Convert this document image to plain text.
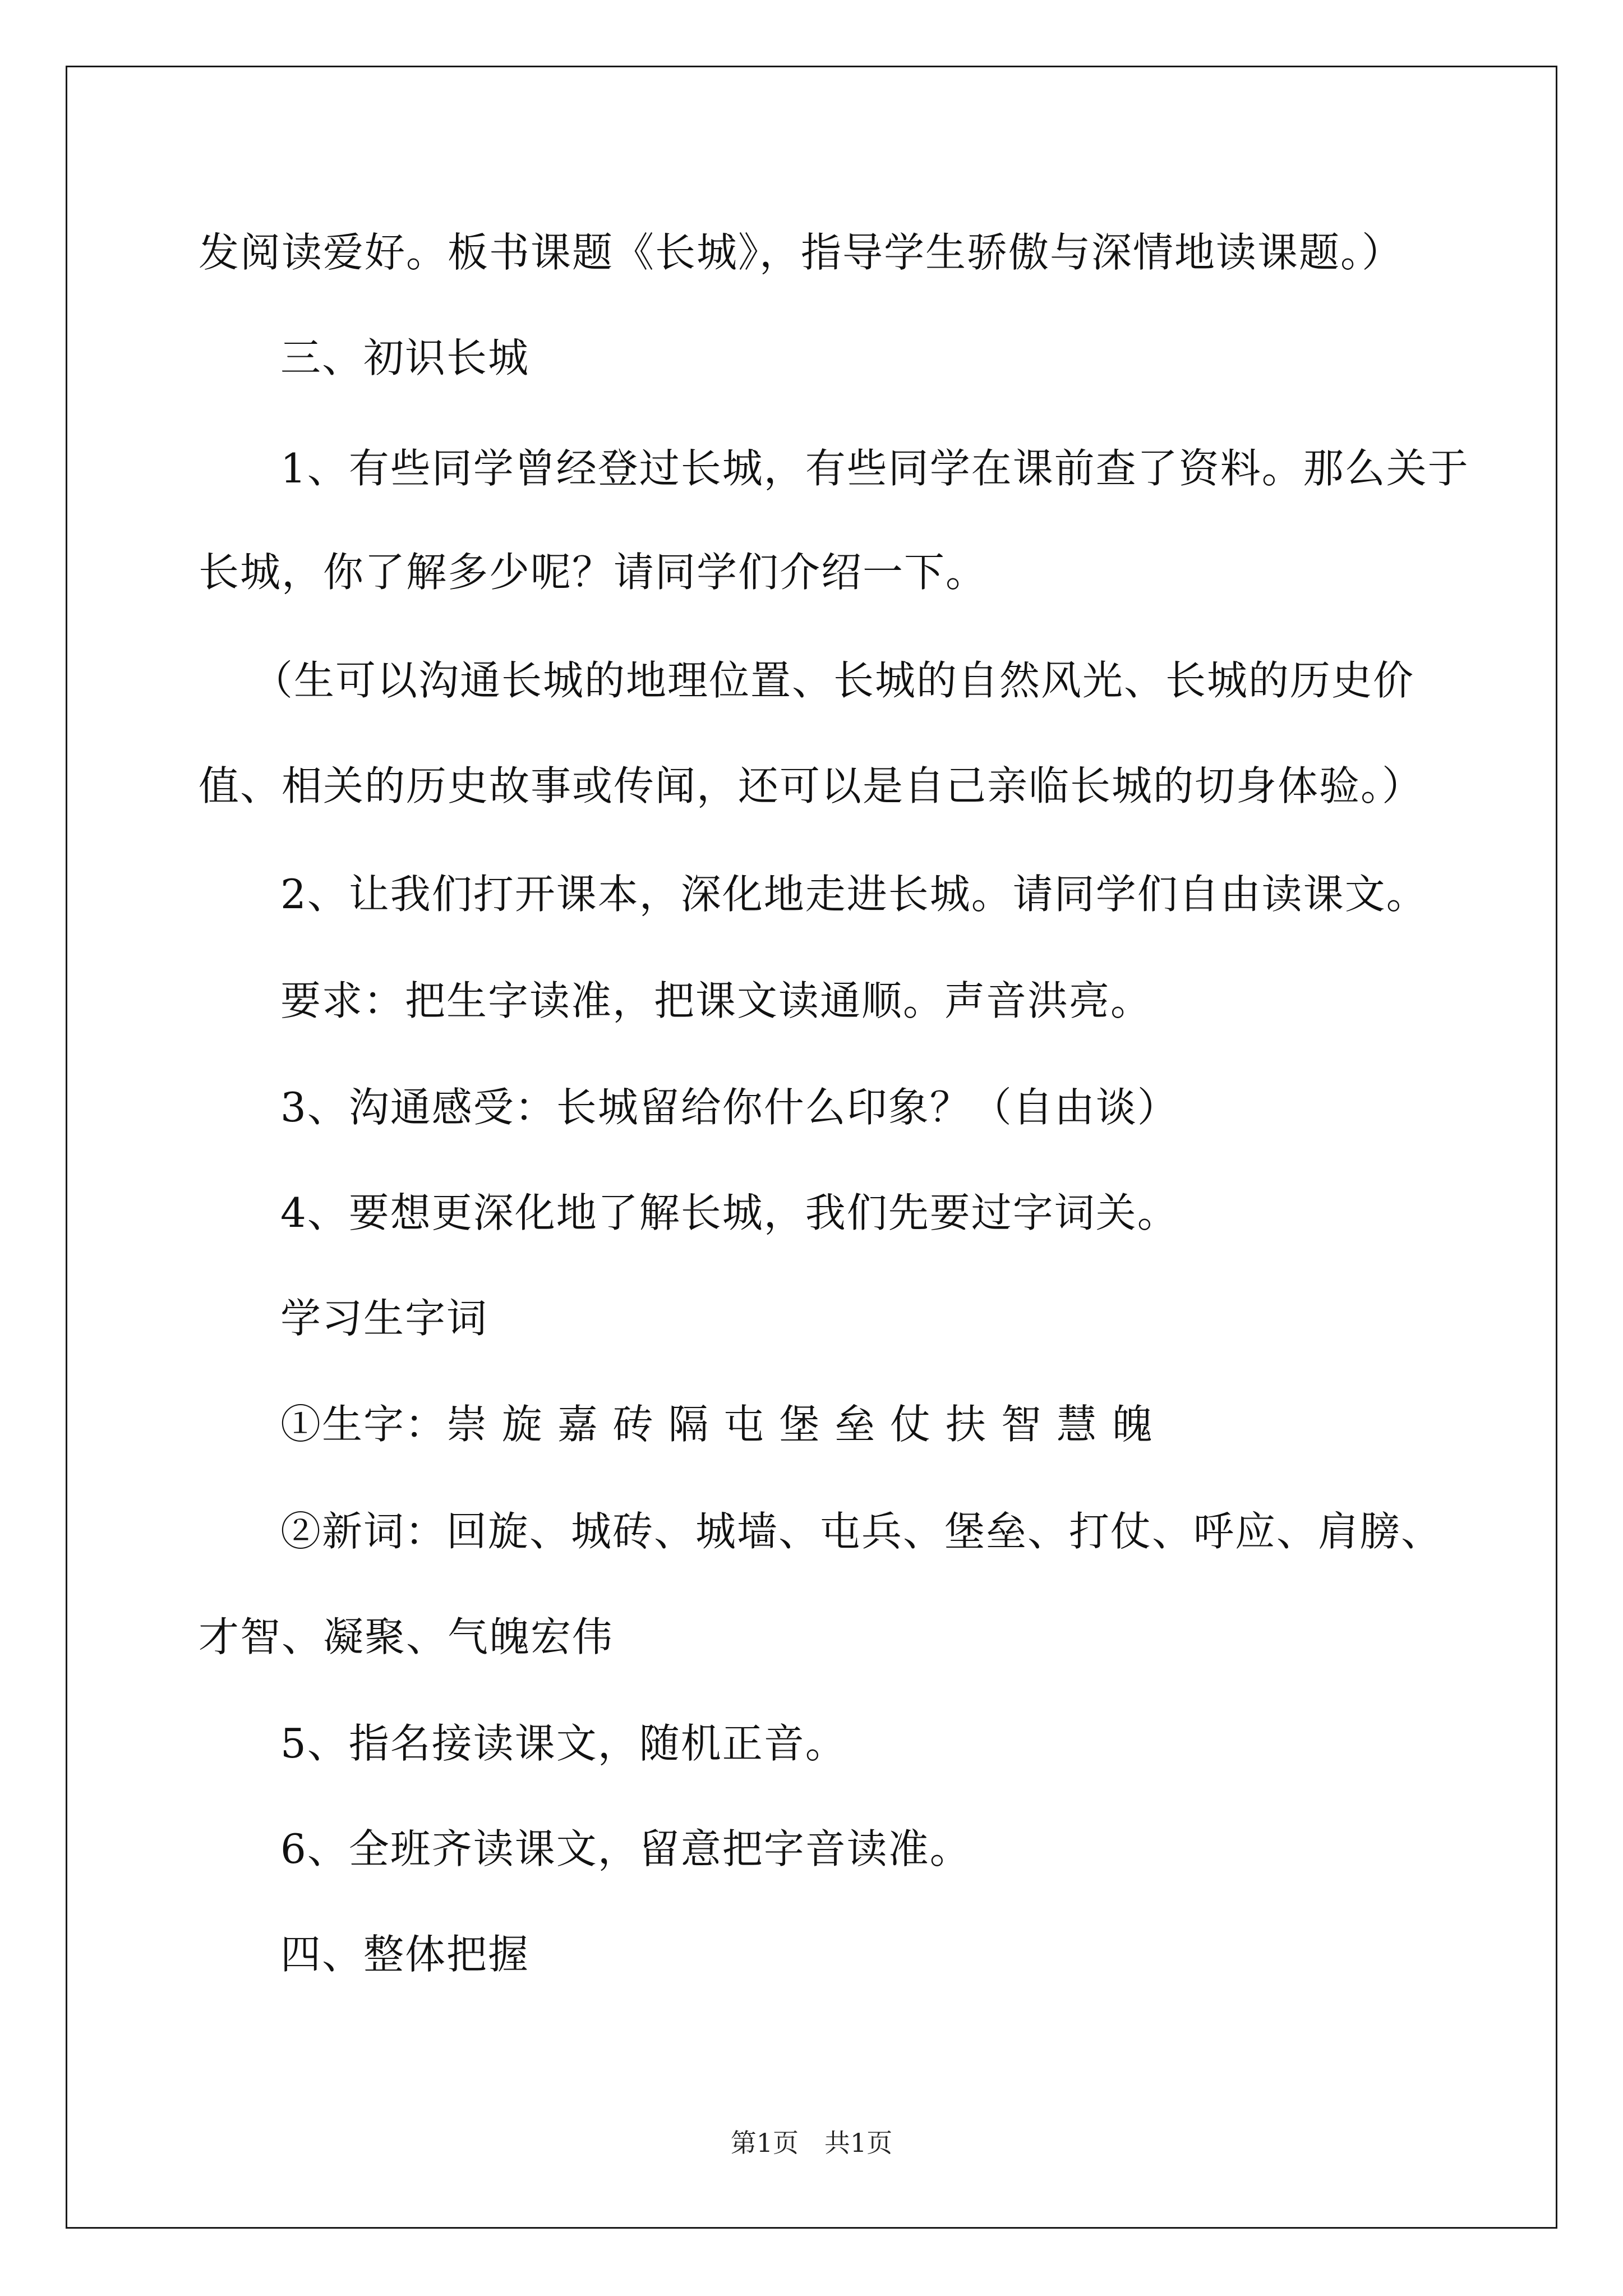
发阅读爱好。板书课题《长城》，指导学生骄傲与深情地读课题。）
三、初识长城
1、有些同学曾经登过长城，有些同学在课前查了资料。那么关于
长城，你了解多少呢？请同学们介绍一下。
（生可以沟通长城的地理位置、长城的自然风光、长城的历史价
值、相关的历史故事或传闻，还可以是自己亲临长城的切身体验。）
2、让我们打开课本，深化地走进长城。请同学们自由读课文。
要求：把生字读准，把课文读通顺。声音洪亮。
3、沟通感受：长城留给你什么印象？（自由谈）
4、要想更深化地了解长城，我们先要过字词关。
学习生字词
①生字：崇 旋 嘉 砖 隔 屯 堡 垒 仗 扶 智 慧 魄
②新词：回旋、城砖、城墙、屯兵、堡垒、打仗、呼应、肩膀、
才智、凝聚、气魄宏伟
5、指名接读课文，随机正音。
6、全班齐读课文，留意把字音读准。
四、整体把握
第1页　共1页
